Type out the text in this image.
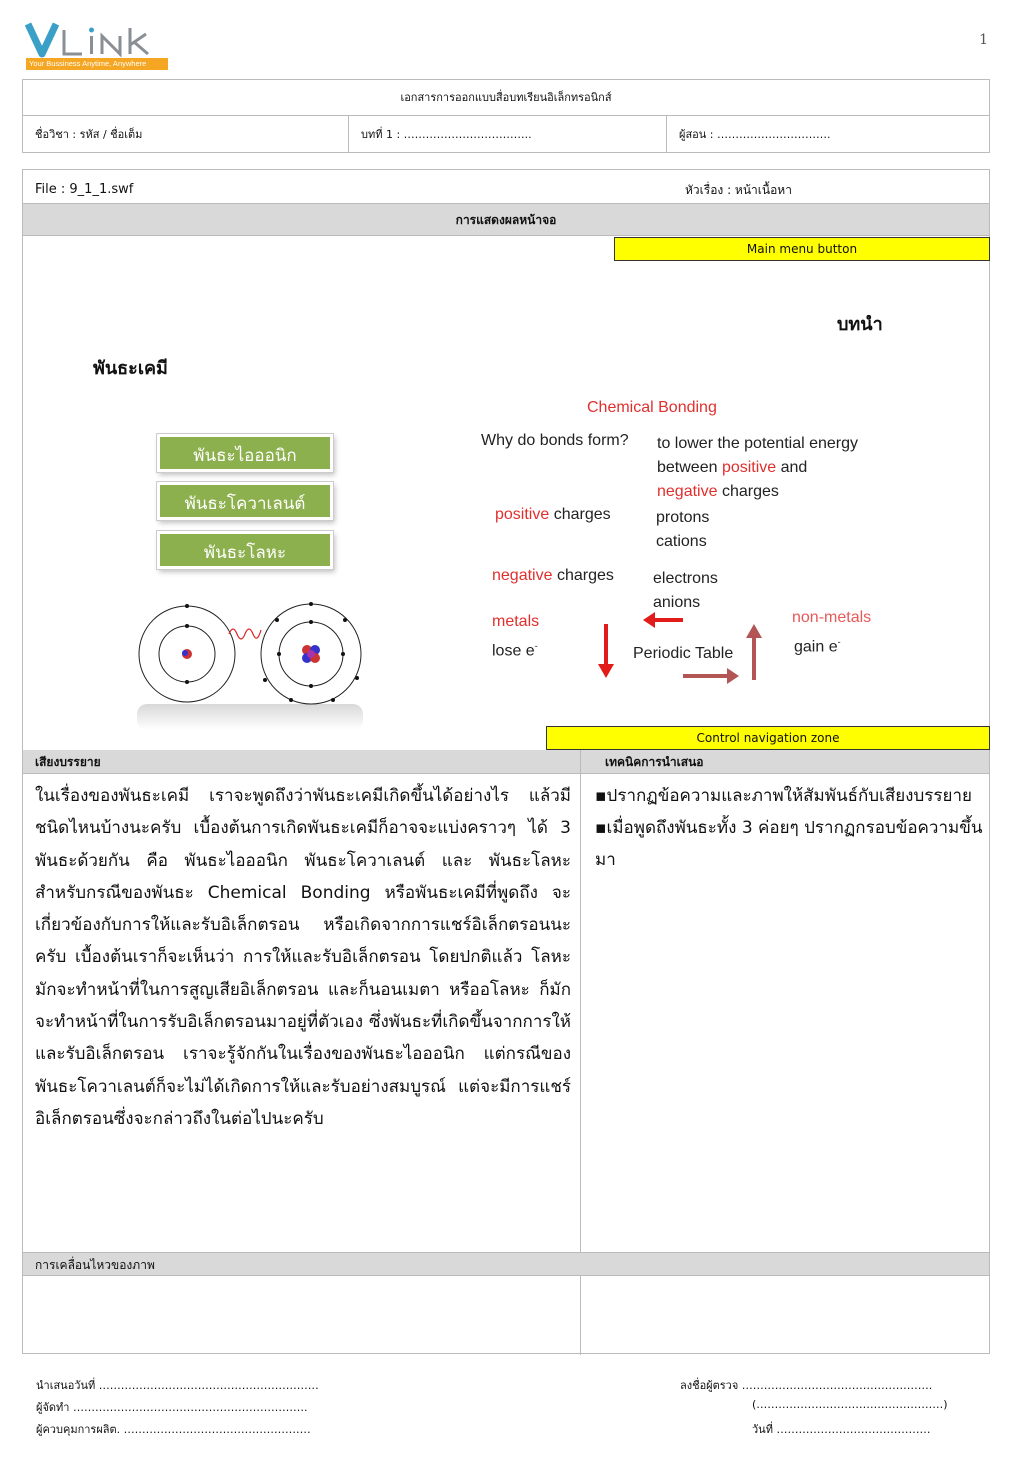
Your Bussiness Anytime, Anywhere
1
เอกสารการออกแบบสื่อบทเรียนอิเล็กทรอนิกส์
ชื่อวิชา : รหัส / ชื่อเต็ม	บทที่ 1 : ……………………………..	ผู้สอน : ………………………….
File : 9_1_1.swf	หัวเรื่อง : หน้าเนื้อหา
การแสดงผลหน้าจอ
Main menu button
บทนำ
พันธะเคมี
พันธะไอออนิก
พันธะโควาเลนต์
พันธะโลหะ
Chemical Bonding
Why do bonds form? to lower the potential energy
between positive and
negative charges
positive charges	protons
cations
negative charges electrons
anions
metals
lose e-
non-metals
gain e-
Periodic Table
Control navigation zone
เสียงบรรยาย	เทคนิคการนำเสนอ
ในเรื่องของพันธะเคมี เราจะพูดถึงว่าพันธะเคมีเกิดขึ้นได้อย่างไร แล้วมีชนิดไหนบ้างนะครับ เบื้องต้นการเกิดพันธะเคมีก็อาจจะแบ่งคราวๆ ได้ 3 พันธะด้วยกัน คือ พันธะไอออนิก พันธะโควาเลนต์ และ พันธะโลหะ สำหรับกรณีของพันธะ Chemical Bonding หรือพันธะเคมีที่พูดถึง จะเกี่ยวข้องกับการให้และรับอิเล็กตรอน หรือเกิดจากการแชร์อิเล็กตรอนนะครับ เบื้องต้นเราก็จะเห็นว่า การให้และรับอิเล็กตรอน โดยปกติแล้ว โลหะมักจะทำหน้าที่ในการสูญเสียอิเล็กตรอน และก็นอนเมตา หรืออโลหะ ก็มักจะทำหน้าที่ในการรับอิเล็กตรอนมาอยู่ที่ตัวเอง ซึ่งพันธะที่เกิดขึ้นจากการให้และรับอิเล็กตรอน เราจะรู้จักกันในเรื่องของพันธะไอออนิก แต่กรณีของพันธะโควาเลนต์ก็จะไม่ได้เกิดการให้และรับอย่างสมบูรณ์ แต่จะมีการแชร์อิเล็กตรอนซึ่งจะกล่าวถึงในต่อไปนะครับ
▪ปรากฏข้อความและภาพให้สัมพันธ์กับเสียงบรรยาย
▪เมื่อพูดถึงพันธะทั้ง 3 ค่อยๆ ปรากฏกรอบข้อความขึ้นมา
การเคลื่อนไหวของภาพ
นำเสนอวันที่ ……………………………………………………
ผู้จัดทำ ……………………………………………………….
ผู้ควบคุมการผลิต. ……………………………………………
ลงชื่อผู้ตรวจ …………………………………………….
(……………………………………………)
วันที่ ……………………………………
